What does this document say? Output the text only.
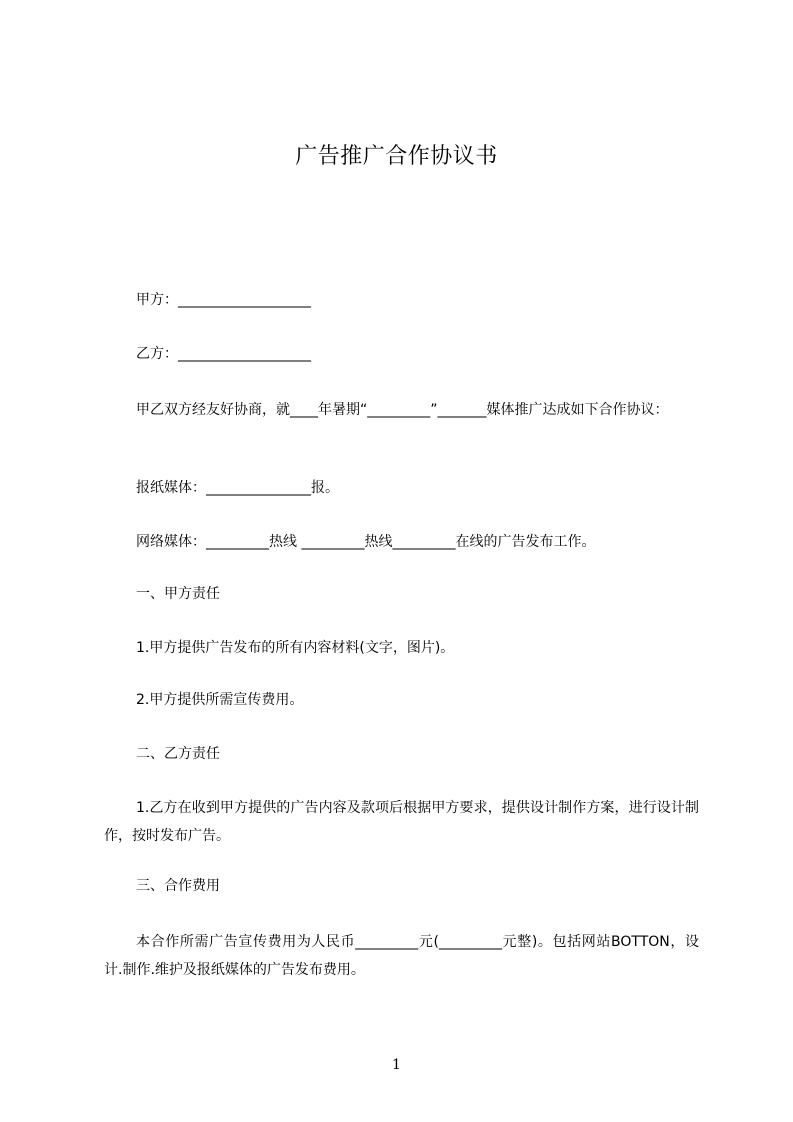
广告推广合作协议书
甲方：___________________
乙方：___________________
甲乙双方经友好协商，就____年暑期“_________”_______媒体推广达成如下合作协议：
报纸媒体：_______________报。
网络媒体：_________热线 _________热线_________在线的广告发布工作。
一、甲方责任
1.甲方提供广告发布的所有内容材料(文字，图片)。
2.甲方提供所需宣传费用。
二、乙方责任
1.乙方在收到甲方提供的广告内容及款项后根据甲方要求，提供设计制作方案，进行设计制作，按时发布广告。
三、合作费用
本合作所需广告宣传费用为人民币_________元(_________元整)。包括网站BOTTON，设计.制作.维护及报纸媒体的广告发布费用。
1
